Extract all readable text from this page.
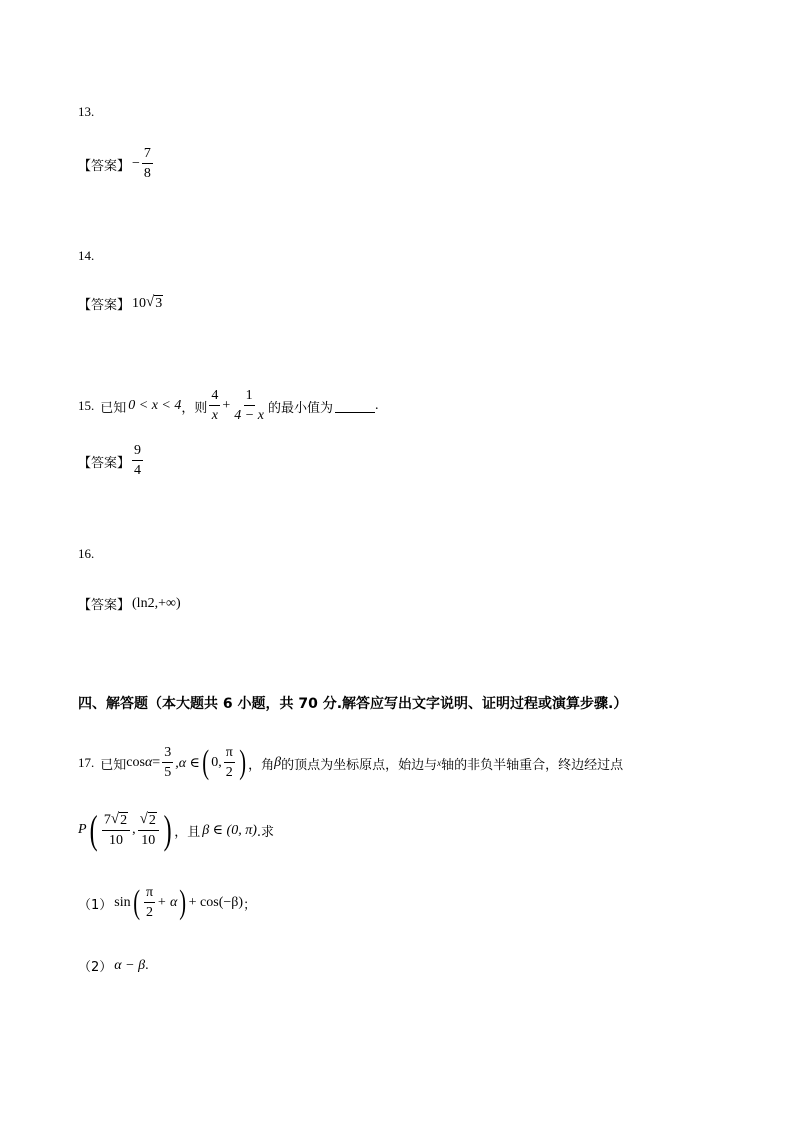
13.
【答案】 − $\frac{7}{8}$
14.
【答案】 10 √ 3
15. 已知 0 < x < 4 ，则 $\frac{4}{x} + \frac{1}{4 - x}$ 的最小值为	.
【答案】 $\frac{9}{4}$
16.
【答案】 (ln2,+∞)
四、解答题（本大题共 6 小题，共 70 分.解答应写出文字说明、证明过程或演算步骤.）
17. 已知 $\cos \alpha = \frac{3}{5} ,\alpha$ ∈ ( 0, $\frac{\pi}{2}$ ) ，角 β 的顶点为坐标原点，始边与 x 轴的非负半轴重合，终边经过点
P ( $\frac{7 √ 2}{10}$ , $\frac{√ 2}{10}$ ) ，且 β ∈ (0, π) .求
（1） sin ( $\frac{\pi}{2} + \alpha$ ) + cos(−β) ；
（2） α − β .
